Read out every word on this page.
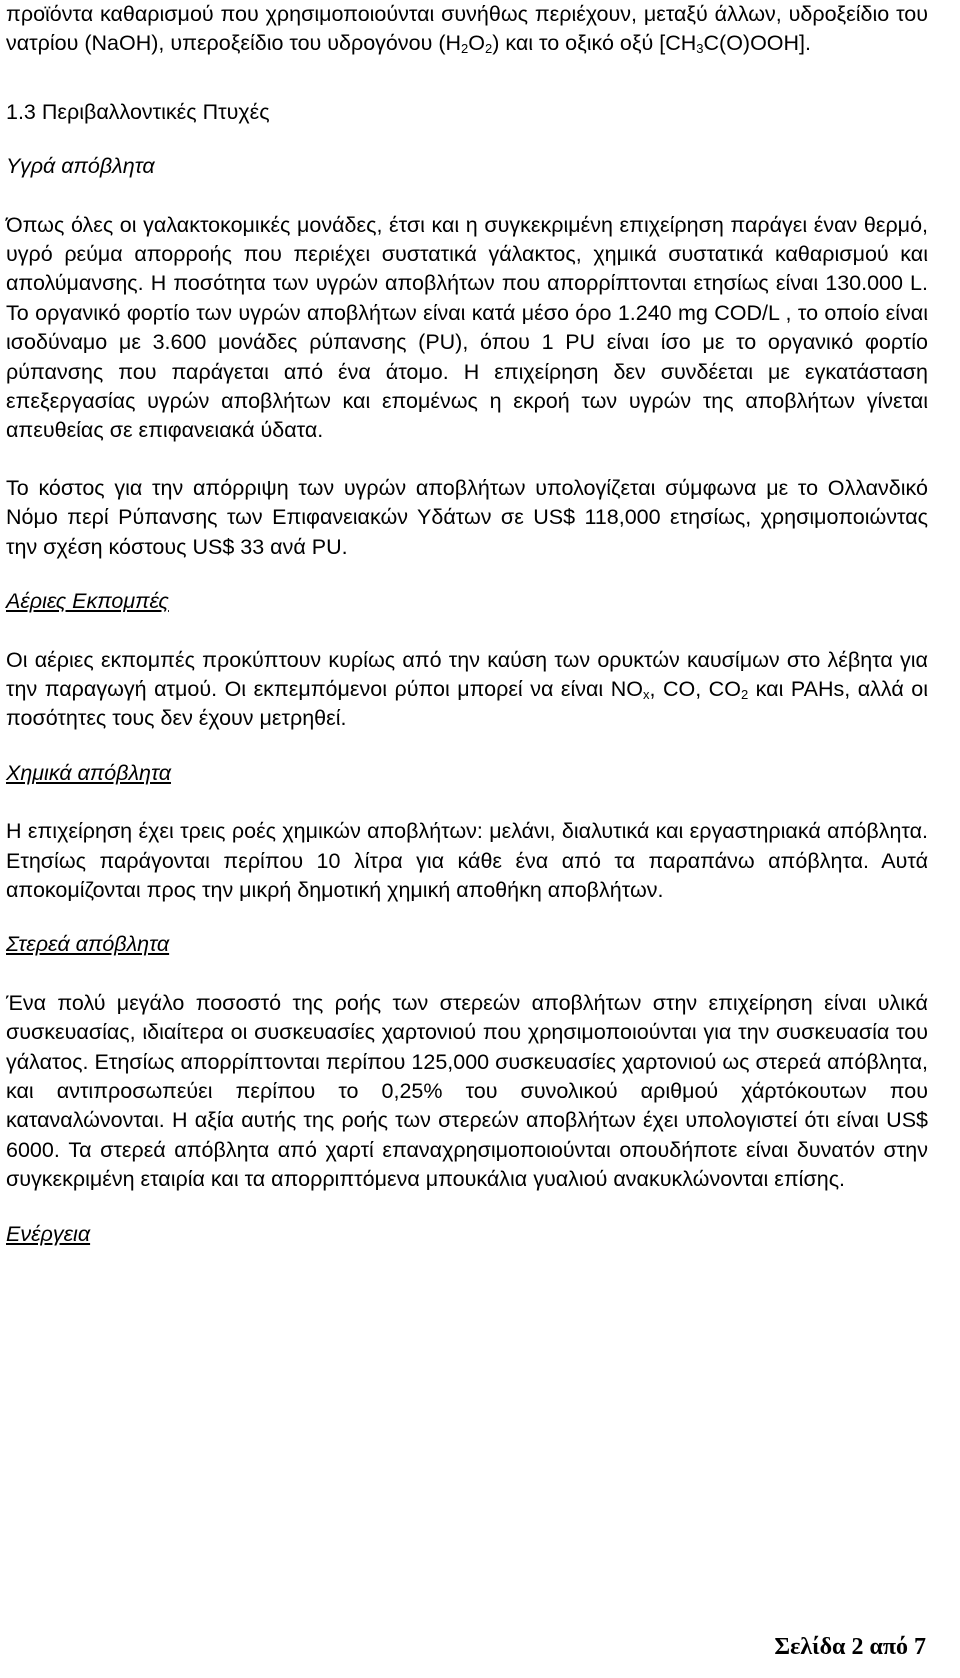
προϊόντα καθαρισμού που χρησιμοποιούνται συνήθως περιέχουν, μεταξύ άλλων, υδροξείδιο του νατρίου (NaOH), υπεροξείδιο του υδρογόνου $(H_2O_2)$ και το οξικό οξύ $[CH_3C(O)OOH]$.

1.3 Περιβαλλοντικές Πτυχές

Υγρά απόβλητα

Όπως όλες οι γαλακτοκομικές μονάδες, έτσι και η συγκεκριμένη επιχείρηση παράγει έναν θερμό, υγρό ρεύμα απορροής που περιέχει συστατικά γάλακτος, χημικά συστατικά καθαρισμού και απολύμανσης. Η ποσότητα των υγρών αποβλήτων που απορρίπτονται ετησίως είναι 130.000 L. Το οργανικό φορτίο των υγρών αποβλήτων είναι κατά μέσο όρο 1.240 mg COD/L , το οποίο είναι ισοδύναμο με 3.600 μονάδες ρύπανσης (PU), όπου 1 PU είναι ίσο με το οργανικό φορτίο ρύπανσης που παράγεται από ένα άτομο. Η επιχείρηση δεν συνδέεται με εγκατάσταση επεξεργασίας υγρών αποβλήτων και επομένως η εκροή των υγρών της αποβλήτων γίνεται απευθείας σε επιφανειακά ύδατα.

Το κόστος για την απόρριψη των υγρών αποβλήτων υπολογίζεται σύμφωνα με το Ολλανδικό Νόμο περί Ρύπανσης των Επιφανειακών Υδάτων σε US$ 118,000 ετησίως, χρησιμοποιώντας την σχέση κόστους US$ 33 ανά PU.

Αέριες Εκπομπές

Οι αέριες εκπομπές προκύπτουν κυρίως από την καύση των ορυκτών καυσίμων στο λέβητα για την παραγωγή ατμού. Οι εκπεμπόμενοι ρύποι μπορεί να είναι $NO_x$, CO, $CO_2$ και PAHs, αλλά οι ποσότητες τους δεν έχουν μετρηθεί.

Χημικά απόβλητα

Η επιχείρηση έχει τρεις ροές χημικών αποβλήτων: μελάνι, διαλυτικά και εργαστηριακά απόβλητα. Ετησίως παράγονται περίπου 10 λίτρα για κάθε ένα από τα παραπάνω απόβλητα. Αυτά αποκομίζονται προς την μικρή δημοτική χημική αποθήκη αποβλήτων.

Στερεά απόβλητα

Ένα πολύ μεγάλο ποσοστό της ροής των στερεών αποβλήτων στην επιχείρηση είναι υλικά συσκευασίας, ιδιαίτερα οι συσκευασίες χαρτονιού που χρησιμοποιούνται για την συσκευασία του γάλατος. Ετησίως απορρίπτονται περίπου 125,000 συσκευασίες χαρτονιού ως στερεά απόβλητα, και αντιπροσωπεύει περίπου το 0,25% του συνολικού αριθμού χάρτόκουτων που καταναλώνονται. Η αξία αυτής της ροής των στερεών αποβλήτων έχει υπολογιστεί ότι είναι US$ 6000. Τα στερεά απόβλητα από χαρτί επαναχρησιμοποιούνται οπουδήποτε είναι δυνατόν στην συγκεκριμένη εταιρία και τα απορριπτόμενα μπουκάλια γυαλιού ανακυκλώνονται επίσης.

Ενέργεια

Σελίδα 2 από 7
